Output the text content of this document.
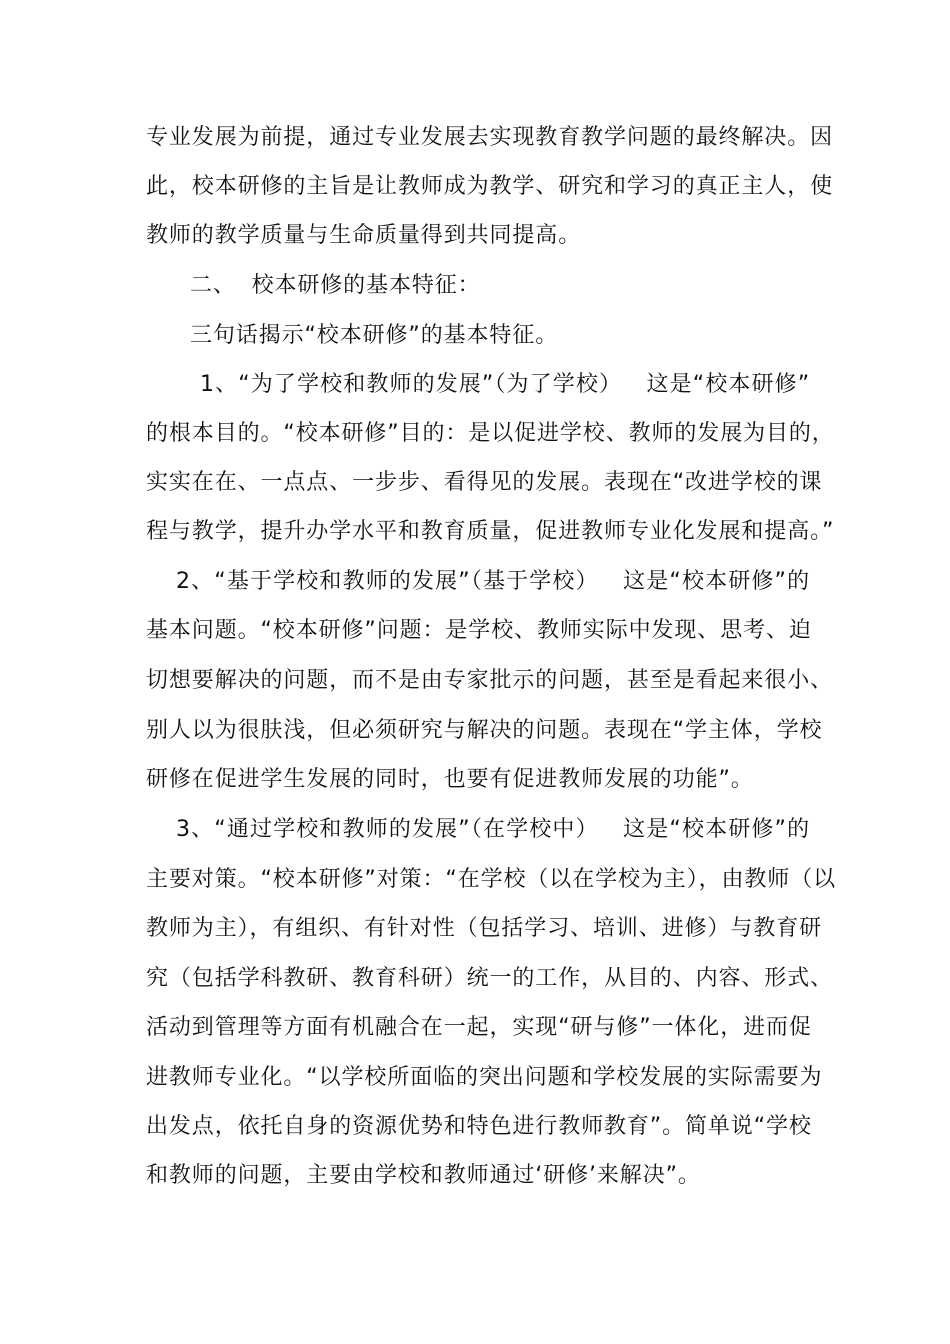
专业发展为前提，通过专业发展去实现教育教学问题的最终解决。因
此，校本研修的主旨是让教师成为教学、研究和学习的真正主人，使
教师的教学质量与生命质量得到共同提高。
二、  校本研修的基本特征：
三句话揭示“校本研修”的基本特征。
1、“为了学校和教师的发展”（为了学校）   这是“校本研修”
的根本目的。“校本研修”目的：是以促进学校、教师的发展为目的，
实实在在、一点点、一步步、看得见的发展。表现在“改进学校的课
程与教学，提升办学水平和教育质量，促进教师专业化发展和提高。”
2、“基于学校和教师的发展”（基于学校）   这是“校本研修”的
基本问题。“校本研修”问题：是学校、教师实际中发现、思考、迫
切想要解决的问题，而不是由专家批示的问题，甚至是看起来很小、
别人以为很肤浅，但必须研究与解决的问题。表现在“学主体，学校
研修在促进学生发展的同时，也要有促进教师发展的功能”。
3、“通过学校和教师的发展”（在学校中）   这是“校本研修”的
主要对策。“校本研修”对策：“在学校（以在学校为主），由教师（以
教师为主），有组织、有针对性（包括学习、培训、进修）与教育研
究（包括学科教研、教育科研）统一的工作，从目的、内容、形式、
活动到管理等方面有机融合在一起，实现“研与修”一体化，进而促
进教师专业化。“以学校所面临的突出问题和学校发展的实际需要为
出发点，依托自身的资源优势和特色进行教师教育”。简单说“学校
和教师的问题，主要由学校和教师通过‘研修’来解决”。
